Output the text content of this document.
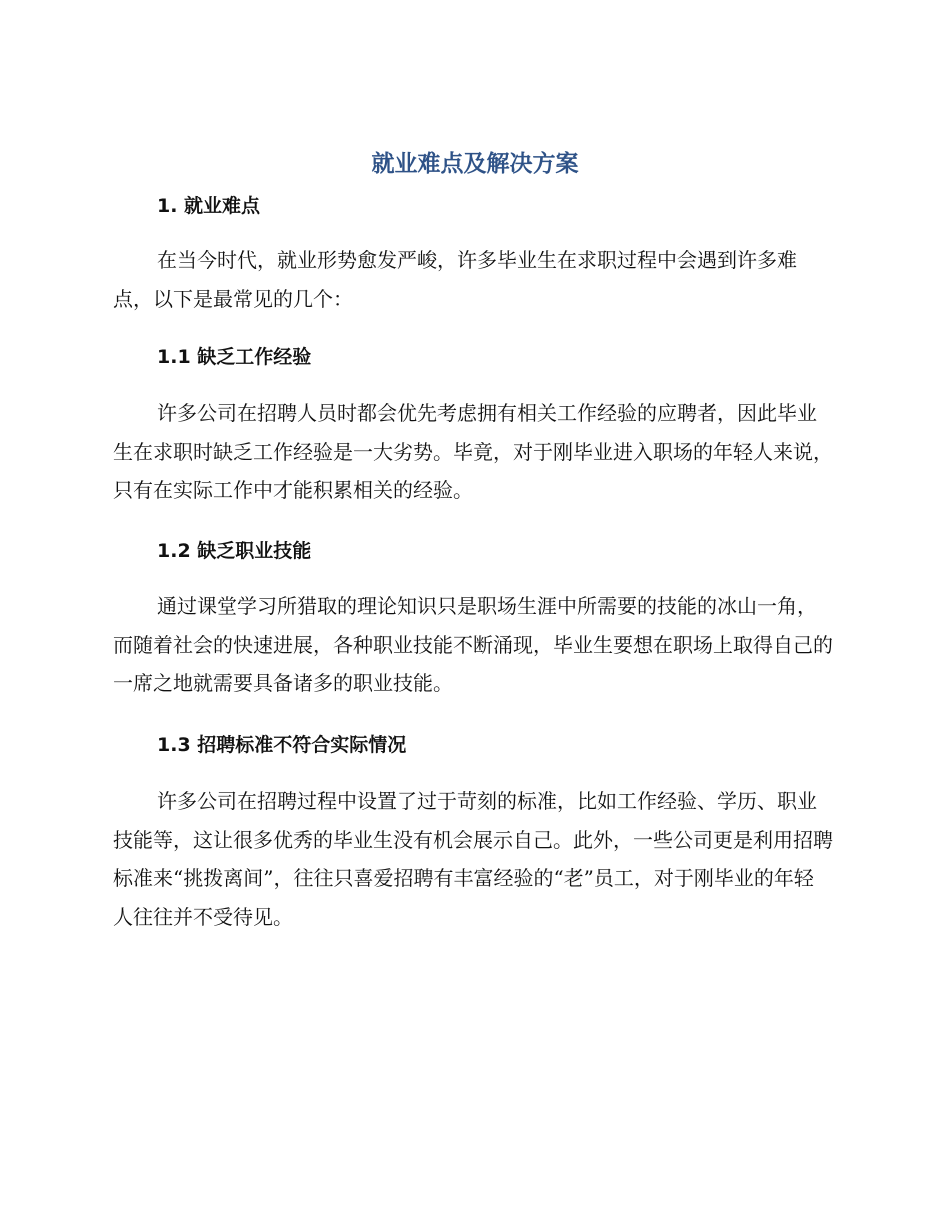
就业难点及解决方案
1. 就业难点

在当今时代，就业形势愈发严峻，许多毕业生在求职过程中会遇到许多难点，以下是最常见的几个：

1.1 缺乏工作经验

许多公司在招聘人员时都会优先考虑拥有相关工作经验的应聘者，因此毕业生在求职时缺乏工作经验是一大劣势。毕竟，对于刚毕业进入职场的年轻人来说，只有在实际工作中才能积累相关的经验。

1.2 缺乏职业技能

通过课堂学习所猎取的理论知识只是职场生涯中所需要的技能的冰山一角，而随着社会的快速进展，各种职业技能不断涌现，毕业生要想在职场上取得自己的一席之地就需要具备诸多的职业技能。

1.3 招聘标准不符合实际情况

许多公司在招聘过程中设置了过于苛刻的标准，比如工作经验、学历、职业技能等，这让很多优秀的毕业生没有机会展示自己。此外，一些公司更是利用招聘标准来“挑拨离间”，往往只喜爱招聘有丰富经验的“老”员工，对于刚毕业的年轻人往往并不受待见。
